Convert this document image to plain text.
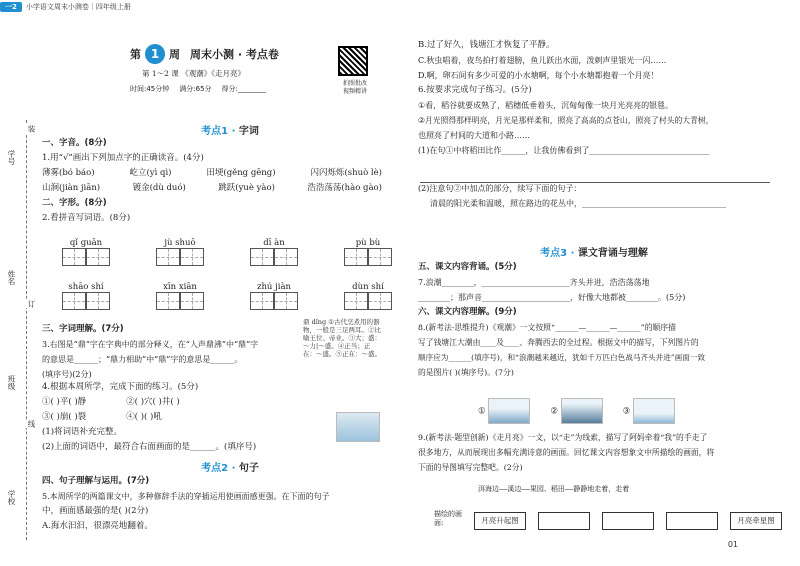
一2	小学语文周末小测卷｜四年级上册
学号
姓名
班级
学校
装
订
线
第 1 周 周末小测 · 考点卷
第 1～2 课 《观潮》《走月亮》
时间:45分钟 满分:65分 得分:________
拍照批改
视频精讲
考点1 · 字词
一、字音。(8分)
1.用“√”画出下列加点字的正确读音。(4分)
薄雾(bó báo)	屹立(yì qì)	田埂(gěng gēng)	闪闪烁烁(shuò lè)
山涧(jiàn jiān)	镀金(dù duó)	跳跃(yuè yào)	浩浩荡荡(hào gào)
二、字形。(8分)
2.看拼音写词语。(8分)
qǐ guān	jù shuō	dī àn	pù bù
shāo shí	xīn xiān	zhú jiàn	dùn shí
三、字词理解。(7分)
3.右图是“鼎”字在字典中的部分释义，在“人声鼎沸”中“鼎”字
的意思是______；“鼎力相助”中“鼎”字的意思是______。
(填序号)(2分)
鼎 dǐng ①古代烹煮用的器物，一般是三足两耳。②比喻王位、帝业。③大；盛：～力|～盛。④正当；正在：～盛。⑤正在：～盛。
4.根据本周所学，完成下面的练习。(5分)
①( )平( )静	②( )穴( )井( )
③( )崩( )裂	④( )( )吼
(1)将词语补充完整。
(2)上面的词语中，最符合右面画面的是______。(填序号)
考点2 · 句子
四、句子理解与运用。(7分)
5.本周所学的两篇课文中，多种修辞手法的穿插运用使画面感更强。在下面的句子
中，画面感最强的是( )(2分)
A.海水汩汩，很漂亮地翻着。
B.过了好久，钱塘江才恢复了平静。
C.秋虫唱着，夜鸟拍打着翅膀，鱼儿跃出水面，泼刺声里银光一闪……
D.啊，卵石间有多少可爱的小水塘啊，每个小水塘都抱着一个月亮！
6.按要求完成句子练习。(5分)
①看，稻谷就要成熟了，稻穗低垂着头，沉甸甸像一块月光亮亮的银毯。
②月光照得那样明亮，月光是那样柔和，照亮了高高的点苍山，照亮了村头的大青树，
也照亮了村间的大道和小路……
(1)在句①中将稻田比作______，让我仿佛看到了______________________________

(2)注意句②中加点的部分，续写下面的句子：
清晨的阳光柔和温暖，照在路边的花丛中，____________________________________
考点3 · 课文背诵与理解
五、课文内容背诵。(5分)
7.浪潮________，______________________齐头并进，浩浩荡荡地
________；那声音______________________，好像大地都被________。(5分)
六、课文内容理解。(9分)
8.(新考法·思维提升)《观潮》一文按照“______—______—______”的顺序描
写了钱塘江大潮由____及____、奔腾西去的全过程。根据文中的描写，下列图片的
顺序应为______(填序号)，和“浪潮越来越近，犹如千万匹白色战马齐头并进”画面一致
的是图片( )(填序号)。(7分)
①	②	③
9.(新考法·题型创新)《走月亮》一文，以“走”为线索，描写了阿妈牵着“我”的手走了
很多地方，从而展现出多幅充满诗意的画面。回忆课文内容想象文中所描绘的画面，将
下面的导图填写完整吧。(2分)
洱海边——溪边——果园、稻田——静静地走着，走着
描绘的画面:	月亮升起图	月亮牵星图
01
